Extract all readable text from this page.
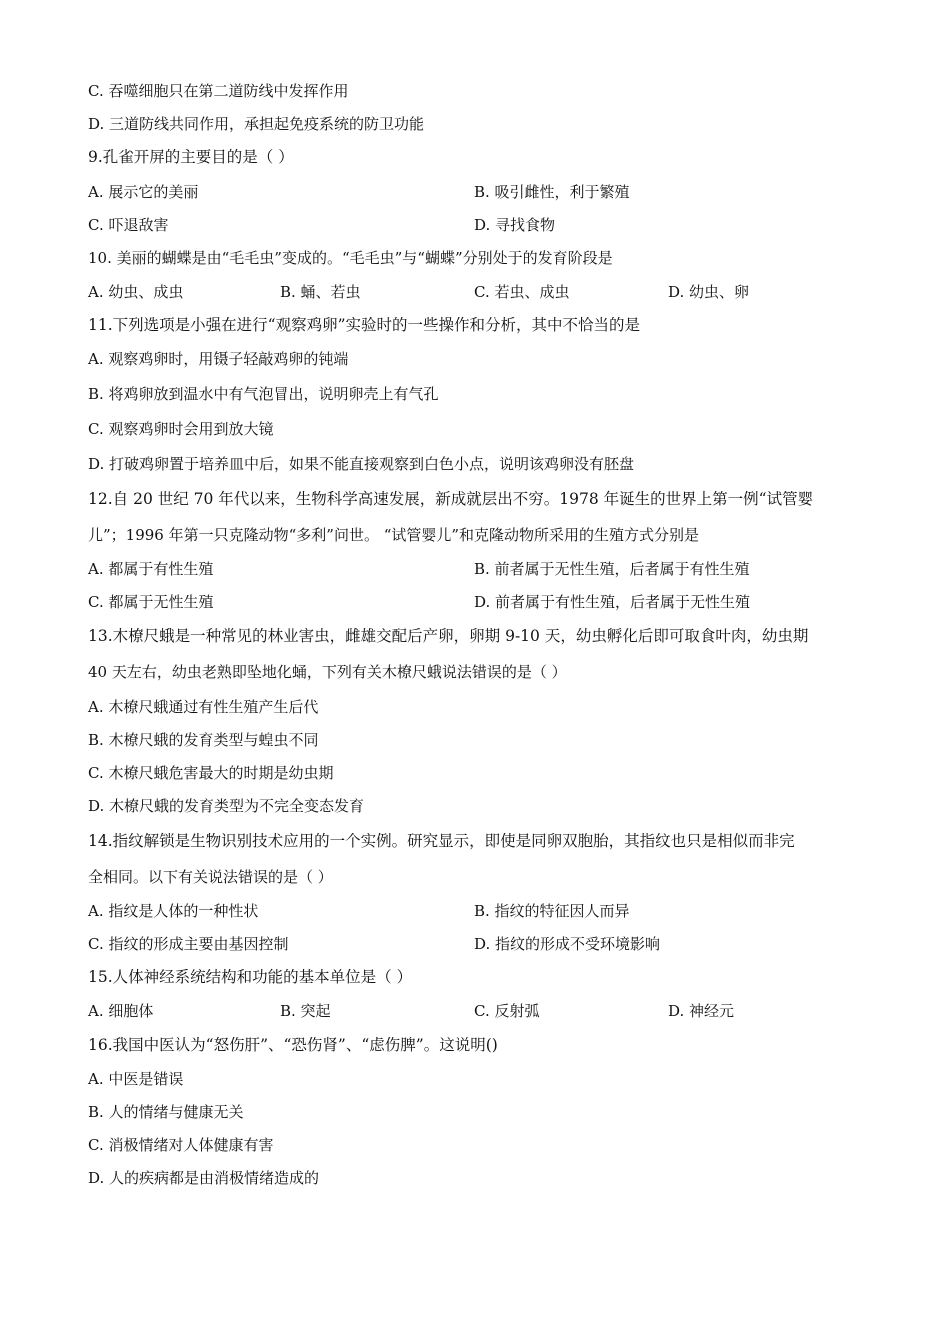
C. 吞噬细胞只在第二道防线中发挥作用
D. 三道防线共同作用，承担起免疫系统的防卫功能
9.孔雀开屏的主要目的是（ ）
A. 展示它的美丽	B. 吸引雌性，利于繁殖
C. 吓退敌害	D. 寻找食物
10. 美丽的蝴蝶是由“毛毛虫”变成的。“毛毛虫”与“蝴蝶”分别处于的发育阶段是
A. 幼虫、成虫	B. 蛹、若虫	C. 若虫、成虫	D. 幼虫、卵
11.下列选项是小强在进行“观察鸡卵”实验时的一些操作和分析，其中不恰当的是
A. 观察鸡卵时，用镊子轻敲鸡卵的钝端
B. 将鸡卵放到温水中有气泡冒出，说明卵壳上有气孔
C. 观察鸡卵时会用到放大镜
D. 打破鸡卵置于培养皿中后，如果不能直接观察到白色小点，说明该鸡卵没有胚盘
12.自 20 世纪 70 年代以来，生物科学高速发展，新成就层出不穷。1978 年诞生的世界上第一例“试管婴
儿”；1996 年第一只克隆动物“多利”问世。 “试管婴儿”和克隆动物所采用的生殖方式分别是
A. 都属于有性生殖	B. 前者属于无性生殖，后者属于有性生殖
C. 都属于无性生殖	D. 前者属于有性生殖，后者属于无性生殖
13.木橑尺蛾是一种常见的林业害虫，雌雄交配后产卵，卵期 9-10 天，幼虫孵化后即可取食叶肉，幼虫期
40 天左右，幼虫老熟即坠地化蛹，下列有关木橑尺蛾说法错误的是（ ）
A. 木橑尺蛾通过有性生殖产生后代
B. 木橑尺蛾的发育类型与蝗虫不同
C. 木橑尺蛾危害最大的时期是幼虫期
D. 木橑尺蛾的发育类型为不完全变态发育
14.指纹解锁是生物识别技术应用的一个实例。研究显示，即使是同卵双胞胎，其指纹也只是相似而非完
全相同。以下有关说法错误的是（ ）
A. 指纹是人体的一种性状	B. 指纹的特征因人而异
C. 指纹的形成主要由基因控制	D. 指纹的形成不受环境影响
15.人体神经系统结构和功能的基本单位是（ ）
A. 细胞体	B. 突起	C. 反射弧	D. 神经元
16.我国中医认为“怒伤肝”、“恐伤肾”、“虑伤脾”。这说明()
A. 中医是错误
B. 人的情绪与健康无关
C. 消极情绪对人体健康有害
D. 人的疾病都是由消极情绪造成的
